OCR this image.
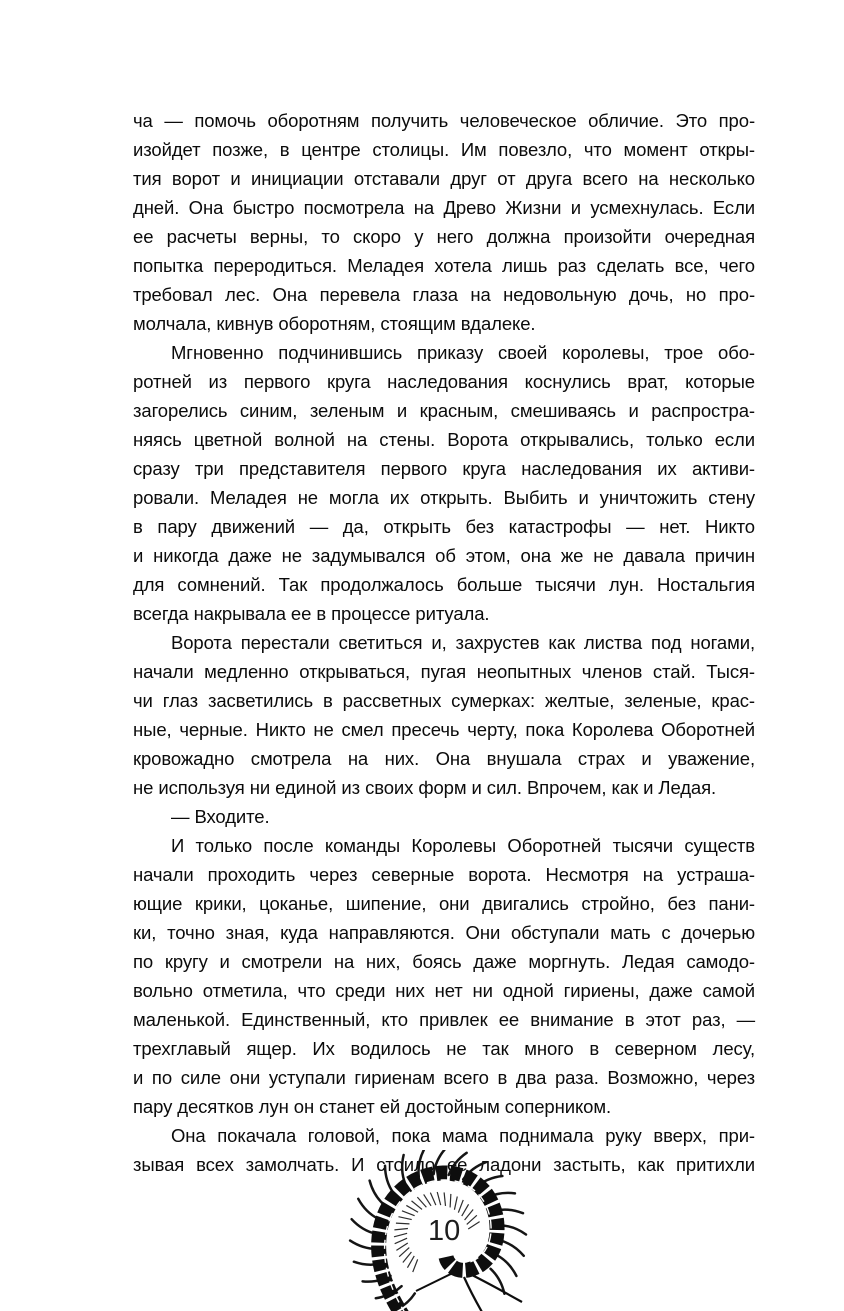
ча — помочь оборотням получить человеческое обличие. Это про-
изойдет позже, в центре столицы. Им повезло, что момент откры-
тия ворот и инициации отставали друг от друга всего на несколько
дней. Она быстро посмотрела на Древо Жизни и усмехнулась. Если
ее расчеты верны, то скоро у него должна произойти очередная
попытка переродиться. Меладея хотела лишь раз сделать все, чего
требовал лес. Она перевела глаза на недовольную дочь, но про-
молчала, кивнув оборотням, стоящим вдалеке.
Мгновенно подчинившись приказу своей королевы, трое обо-
ротней из первого круга наследования коснулись врат, которые
загорелись синим, зеленым и красным, смешиваясь и распростра-
няясь цветной волной на стены. Ворота открывались, только если
сразу три представителя первого круга наследования их активи-
ровали. Меладея не могла их открыть. Выбить и уничтожить стену
в пару движений — да, открыть без катастрофы — нет. Никто
и никогда даже не задумывался об этом, она же не давала причин
для сомнений. Так продолжалось больше тысячи лун. Ностальгия
всегда накрывала ее в процессе ритуала.
Ворота перестали светиться и, захрустев как листва под ногами,
начали медленно открываться, пугая неопытных членов стай. Тыся-
чи глаз засветились в рассветных сумерках: желтые, зеленые, крас-
ные, черные. Никто не смел пресечь черту, пока Королева Оборотней
кровожадно смотрела на них. Она внушала страх и уважение,
не используя ни единой из своих форм и сил. Впрочем, как и Ледая.
— Входите.
И только после команды Королевы Оборотней тысячи существ
начали проходить через северные ворота. Несмотря на устраша-
ющие крики, цоканье, шипение, они двигались стройно, без пани-
ки, точно зная, куда направляются. Они обступали мать с дочерью
по кругу и смотрели на них, боясь даже моргнуть. Ледая самодо-
вольно отметила, что среди них нет ни одной гириены, даже самой
маленькой. Единственный, кто привлек ее внимание в этот раз, —
трехглавый ящер. Их водилось не так много в северном лесу,
и по силе они уступали гириенам всего в два раза. Возможно, через
пару десятков лун он станет ей достойным соперником.
Она покачала головой, пока мама поднимала руку вверх, при-
зывая всех замолчать. И стоило ее ладони застыть, как притихли
10
